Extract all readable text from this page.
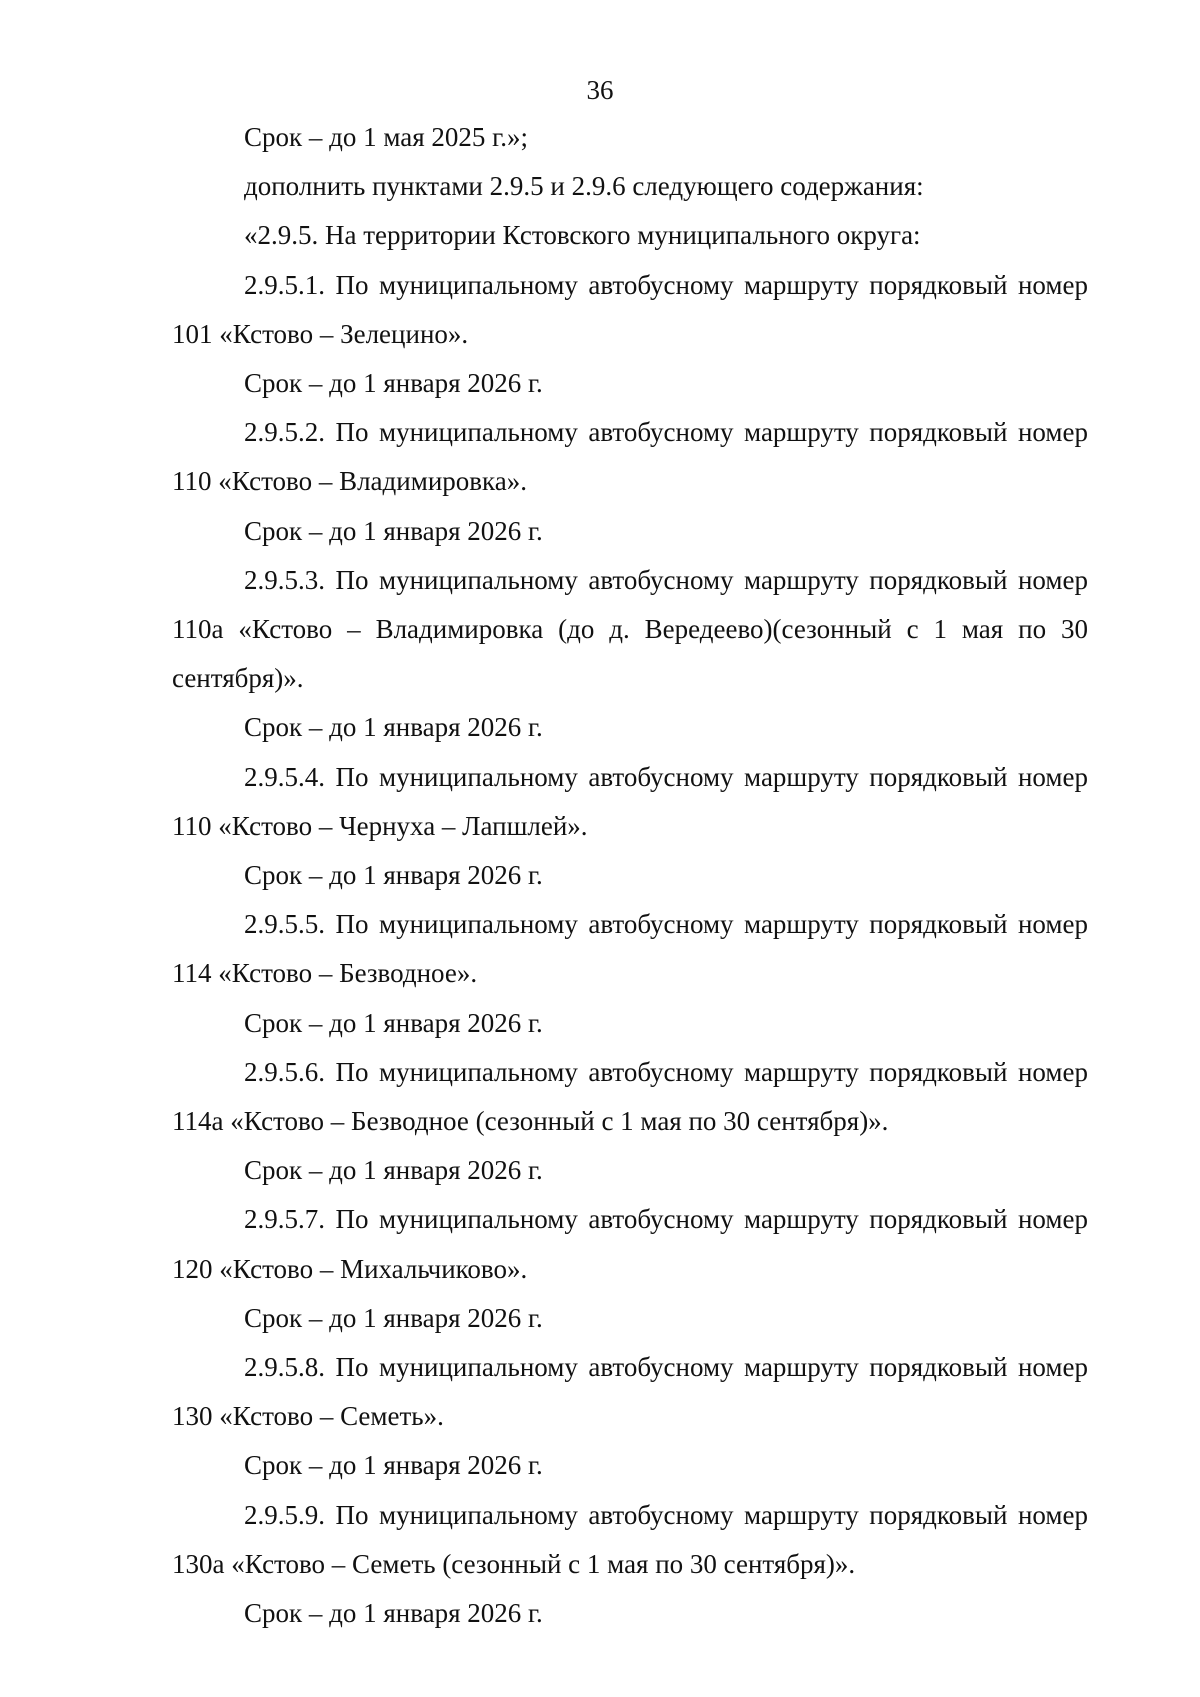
36

Срок – до 1 мая 2025 г.»;

дополнить пунктами 2.9.5 и 2.9.6 следующего содержания:

«2.9.5. На территории Кстовского муниципального округа:

2.9.5.1. По муниципальному автобусному маршруту порядковый номер 101 «Кстово – Зелецино».

Срок – до 1 января 2026 г.

2.9.5.2. По муниципальному автобусному маршруту порядковый номер 110 «Кстово – Владимировка».

Срок – до 1 января 2026 г.

2.9.5.3. По муниципальному автобусному маршруту порядковый номер 110а «Кстово – Владимировка (до д. Вередеево)(сезонный с 1 мая по 30 сентября)».

Срок – до 1 января 2026 г.

2.9.5.4. По муниципальному автобусному маршруту порядковый номер 110 «Кстово – Чернуха – Лапшлей».

Срок – до 1 января 2026 г.

2.9.5.5. По муниципальному автобусному маршруту порядковый номер 114 «Кстово – Безводное».

Срок – до 1 января 2026 г.

2.9.5.6. По муниципальному автобусному маршруту порядковый номер 114а «Кстово – Безводное (сезонный с 1 мая по 30 сентября)».

Срок – до 1 января 2026 г.

2.9.5.7. По муниципальному автобусному маршруту порядковый номер 120 «Кстово – Михальчиково».

Срок – до 1 января 2026 г.

2.9.5.8. По муниципальному автобусному маршруту порядковый номер 130 «Кстово – Семеть».

Срок – до 1 января 2026 г.

2.9.5.9. По муниципальному автобусному маршруту порядковый номер 130а «Кстово – Семеть (сезонный с 1 мая по 30 сентября)».

Срок – до 1 января 2026 г.
